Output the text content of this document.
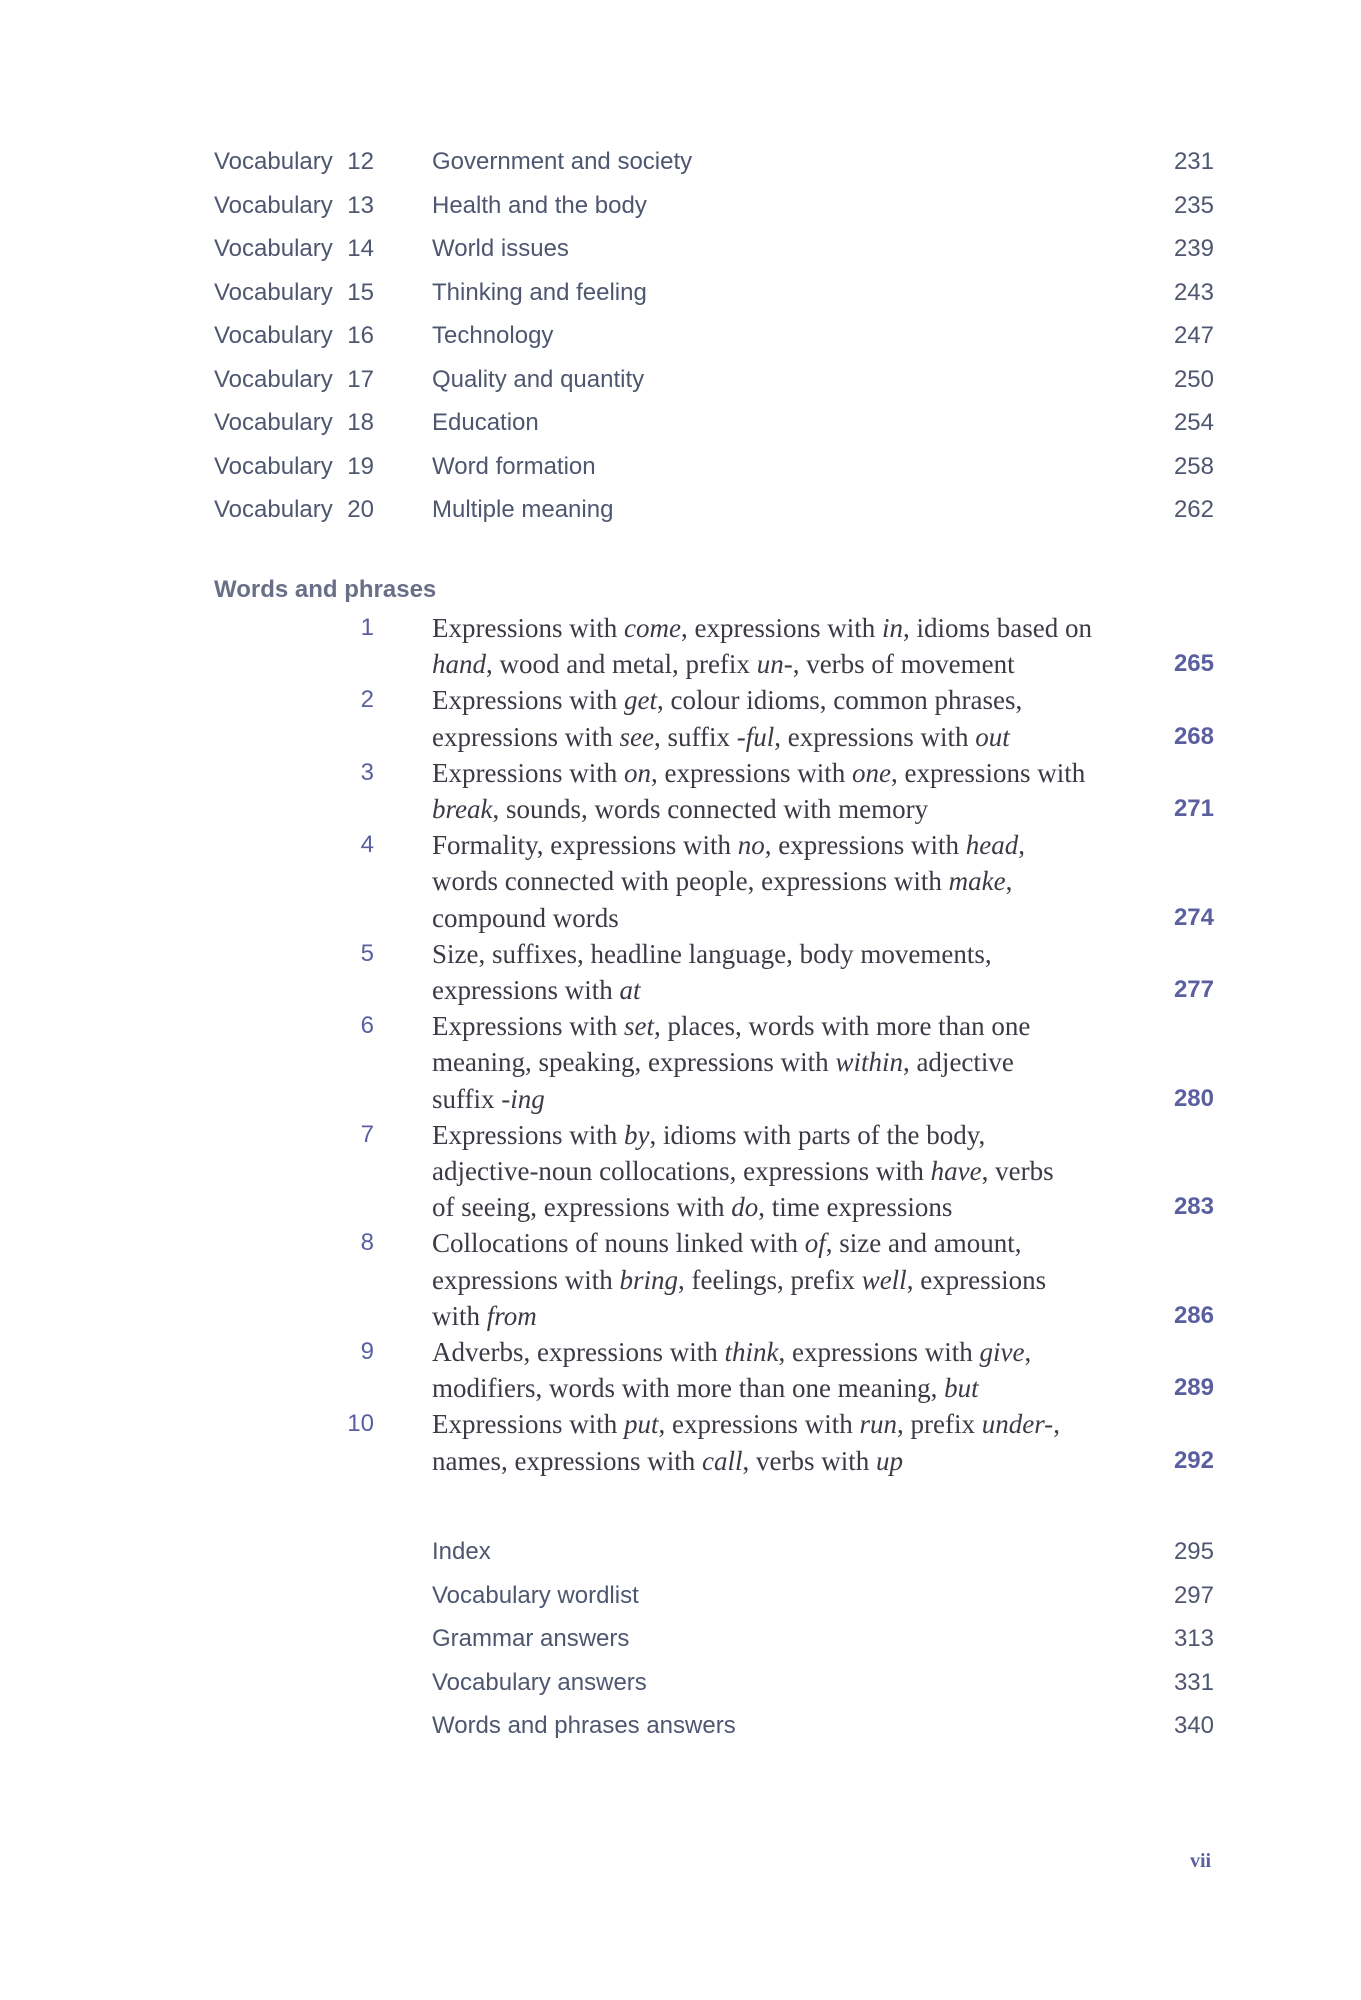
Vocabulary 12 Government and society	231
Vocabulary 13 Health and the body	235
Vocabulary 14 World issues	239
Vocabulary 15 Thinking and feeling	243
Vocabulary 16 Technology	247
Vocabulary 17 Quality and quantity	250
Vocabulary 18 Education	254
Vocabulary 19 Word formation	258
Vocabulary 20 Multiple meaning	262
Words and phrases
1 Expressions with come, expressions with in, idioms based on
hand, wood and metal, prefix un-, verbs of movement	265
2 Expressions with get, colour idioms, common phrases,
expressions with see, suffix -ful, expressions with out	268
3 Expressions with on, expressions with one, expressions with
break, sounds, words connected with memory	271
4 Formality, expressions with no, expressions with head,
words connected with people, expressions with make,
compound words	274
5 Size, suffixes, headline language, body movements,
expressions with at	277
6 Expressions with set, places, words with more than one
meaning, speaking, expressions with within, adjective
suffix -ing	280
7 Expressions with by, idioms with parts of the body,
adjective-noun collocations, expressions with have, verbs
of seeing, expressions with do, time expressions	283
8 Collocations of nouns linked with of, size and amount,
expressions with bring, feelings, prefix well, expressions
with from	286
9 Adverbs, expressions with think, expressions with give,
modifiers, words with more than one meaning, but	289
10 Expressions with put, expressions with run, prefix under-,
names, expressions with call, verbs with up	292
Index	295
Vocabulary wordlist	297
Grammar answers	313
Vocabulary answers	331
Words and phrases answers	340
vii
